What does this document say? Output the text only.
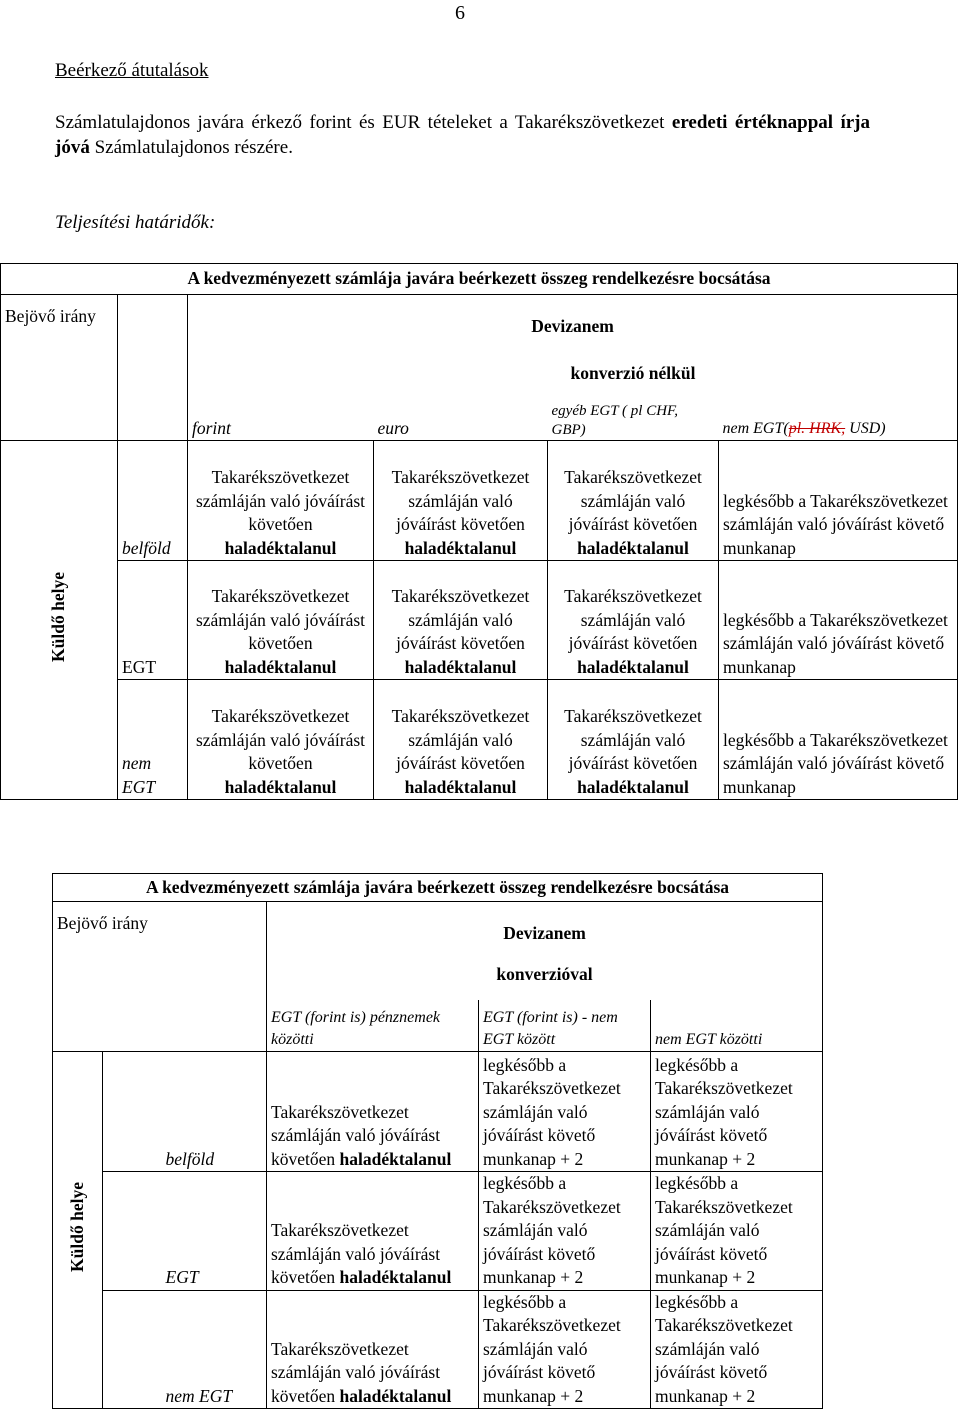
6
Beérkező átutalások
Számlatulajdonos javára érkező forint és EUR tételeket a Takarékszövetkezet eredeti értéknappal írja jóvá Számlatulajdonos részére.
Teljesítési határidők:
A kedvezményezett számlája javára beérkezett összeg rendelkezésre bocsátása					
Bejövő irány		Devizanem			
				konverzió nélkül	
		forint	euro	egyéb EGT ( pl CHF, GBP)	nem EGT(pl. HRK, USD)
Küldő helye	belföld	Takarékszövetkezet számláján való jóváírást követően haladéktalanul	Takarékszövetkezet számláján való jóváírást követően haladéktalanul	Takarékszövetkezet számláján való jóváírást követően haladéktalanul	legkésőbb a Takarékszövetkezet számláján való jóváírást követő munkanap
	EGT	Takarékszövetkezet számláján való jóváírást követően haladéktalanul	Takarékszövetkezet számláján való jóváírást követően haladéktalanul	Takarékszövetkezet számláján való jóváírást követően haladéktalanul	legkésőbb a Takarékszövetkezet számláján való jóváírást követő munkanap
	nem EGT	Takarékszövetkezet számláján való jóváírást követően haladéktalanul	Takarékszövetkezet számláján való jóváírást követően haladéktalanul	Takarékszövetkezet számláján való jóváírást követően haladéktalanul	legkésőbb a Takarékszövetkezet számláján való jóváírást követő munkanap
A kedvezményezett számlája javára beérkezett összeg rendelkezésre bocsátása					
Bejövő irány			Devizanem
konverzióval		

			EGT (forint is) pénznemek közötti	EGT (forint is) - nem EGT között	nem EGT közötti
Küldő helye		belföld	Takarékszövetkezet számláján való jóváírást követően haladéktalanul	legkésőbb a Takarékszövetkezet számláján való jóváírást követő munkanap + 2	legkésőbb a Takarékszövetkezet számláján való jóváírást követő munkanap + 2
		EGT	Takarékszövetkezet számláján való jóváírást követően haladéktalanul	legkésőbb a Takarékszövetkezet számláján való jóváírást követő munkanap + 2	legkésőbb a Takarékszövetkezet számláján való jóváírást követő munkanap + 2
		nem EGT	Takarékszövetkezet számláján való jóváírást követően haladéktalanul	legkésőbb a Takarékszövetkezet számláján való jóváírást követő munkanap + 2	legkésőbb a Takarékszövetkezet számláján való jóváírást követő munkanap + 2
